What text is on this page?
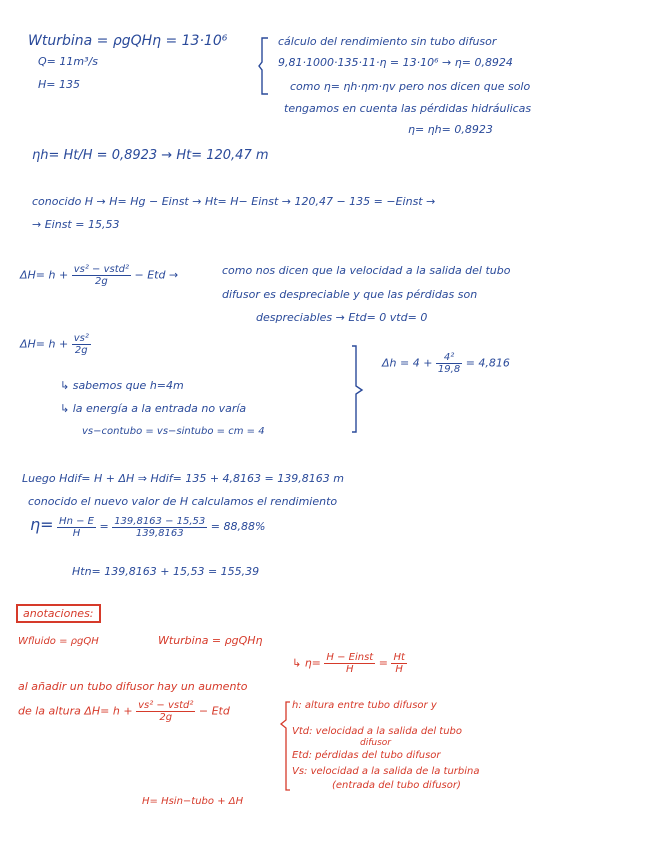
Wturbina = ρgQHη = 13·10⁶
Q= 11m³/s
H= 135
cálculo del rendimiento sin tubo difusor
9,81·1000·135·11·η = 13·10⁶ → η= 0,8924
como η= ηh·ηm·ηv pero nos dicen que solo
tengamos en cuenta las pérdidas hidráulicas
η= ηh= 0,8923
ηh= Ht/H = 0,8923 → Ht= 120,47 m
conocido H → H= Hg − Einst → Ht= H− Einst → 120,47 − 135 = −Einst →
→ Einst = 15,53
$\Delta H= h + \frac{\text{vs² − vstd²}}{2g}$ − Etd →	como nos dicen que la velocidad a la salida del tubo
difusor es despreciable y que las pérdidas son
despreciables → Etd= 0 vtd= 0
$\Delta H= h + \frac{\text{vs²}}{2g}$
↳ sabemos que h=4m
↳ la energía a la entrada no varía
vs−contubo = vs−sintubo = cm = 4
$\Delta h = 4 + \frac{\text{4²}}{19,8} = 4,816$
Luego Hdif= H + ΔH ⇒ Hdif= 135 + 4,8163 = 139,8163 m
conocido el nuevo valor de H calculamos el rendimiento
$\eta= \frac{Hn - E}{H} = \frac{139,8163 - 15,53}{139,8163} = 88,88\%$
Htn= 139,8163 + 15,53 = 155,39
anotaciones:
Wfluido = ρgQH	Wturbina = ρgQHη
↳ $\eta= \frac{\text{H − Einst}}{H} = \frac{Ht}{H}$
al añadir un tubo difusor hay un aumento
de la altura $\Delta H= h + \frac{\text{vs² − vstd²}}{2g}$ − Etd	h: altura entre tubo difusor y
Vtd: velocidad a la salida del tubo
difusor
Etd: pérdidas del tubo difusor
Vs: velocidad a la salida de la turbina
(entrada del tubo difusor)
H= Hsin−tubo + ΔH
